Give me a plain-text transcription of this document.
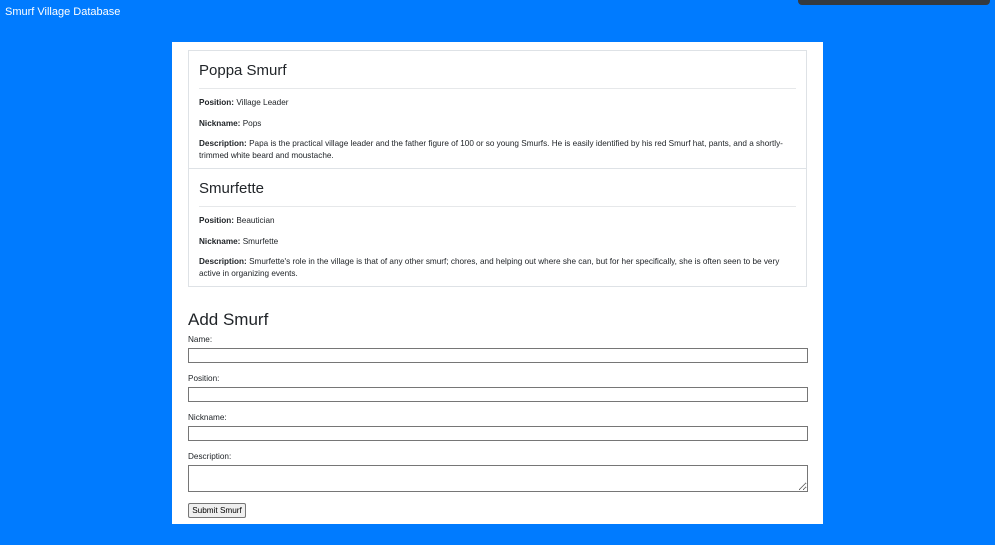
Smurf Village Database
Poppa Smurf

Position: Village Leader

Nickname: Pops

Description: Papa is the practical village leader and the father figure of 100 or so young Smurfs. He is easily identified by his red Smurf hat, pants, and a shortly-trimmed white beard and moustache.

Smurfette

Position: Beautician

Nickname: Smurfette

Description: Smurfette's role in the village is that of any other smurf; chores, and helping out where she can, but for her specifically, she is often seen to be very active in organizing events.

Add Smurf
Name:
Position:
Nickname:
Description:
Submit Smurf
